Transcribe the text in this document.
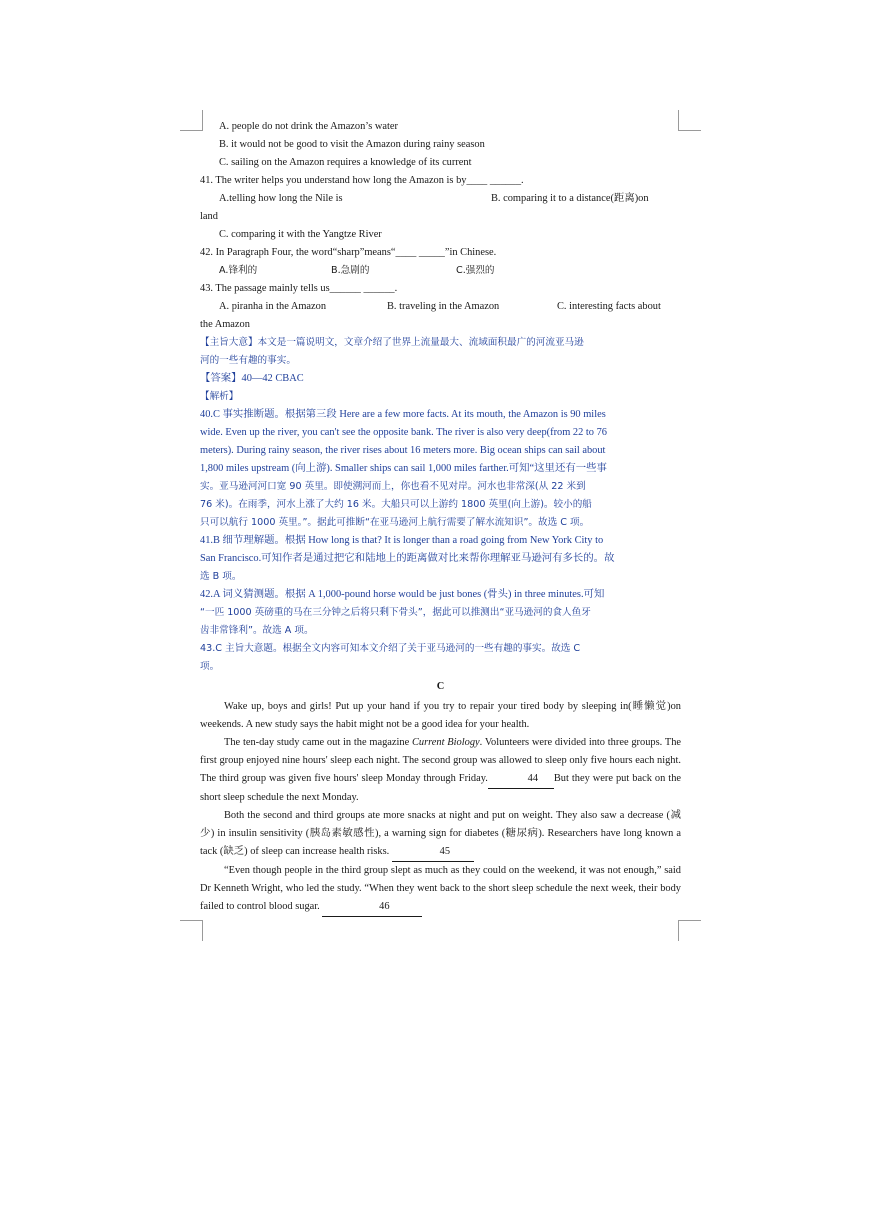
A. people do not drink the Amazon’s water
B. it would not be good to visit the Amazon during rainy season
C. sailing on the Amazon requires a knowledge of its current
41. The writer helps you understand how long the Amazon is by____ ______.
A.telling how long the Nile is	B. comparing it to a distance(距离)on
land
C. comparing it with the Yangtze River
42. In Paragraph Four, the word“sharp”means“____ _____”in Chinese.
A.锋利的	B.急剧的	C.强烈的
43. The passage mainly tells us______ ______.
A. piranha in the Amazon	B. traveling in the Amazon	C. interesting facts about
the Amazon
【主旨大意】本文是一篇说明文，文章介绍了世界上流量最大、流域面积最广的河流亚马逊
河的一些有趣的事实。
【答案】40—42 CBAC
【解析】
40.C 事实推断题。根据第三段 Here are a few more facts. At its mouth, the Amazon is 90 miles
wide. Even up the river, you can't see the opposite bank. The river is also very deep(from 22 to 76
meters). During rainy season, the river rises about 16 meters more. Big ocean ships can sail about
1,800 miles upstream (向上游). Smaller ships can sail 1,000 miles farther.可知“这里还有一些事
实。亚马逊河河口宽 90 英里。即使溯河而上，你也看不见对岸。河水也非常深(从 22 米到
76 米)。在雨季，河水上涨了大约 16 米。大船只可以上游约 1800 英里(向上游)。较小的船
只可以航行 1000 英里。”。据此可推断“在亚马逊河上航行需要了解水流知识”。故选 C 项。
41.B 细节理解题。根据 How long is that? It is longer than a road going from New York City to
San Francisco.可知作者是通过把它和陆地上的距离做对比来帮你理解亚马逊河有多长的。故
选 B 项。
42.A 词义猜测题。根据 A 1,000-pound horse would be just bones (骨头) in three minutes.可知
“一匹 1000 英磅重的马在三分钟之后将只剩下骨头”，据此可以推测出“亚马逊河的食人鱼牙
齿非常锋利”。故选 A 项。
43.C 主旨大意题。根据全文内容可知本文介绍了关于亚马逊河的一些有趣的事实。故选 C
项。
C
Wake up, boys and girls! Put up your hand if you try to repair your tired body by sleeping in(睡懒觉)on weekends. A new study says the habit might not be a good idea for your health.
The ten-day study came out in the magazine Current Biology. Volunteers were divided into three groups. The first group enjoyed nine hours' sleep each night. The second group was allowed to sleep only five hours each night. The third group was given five hours' sleep Monday through Friday.	44 But they were put back on the short sleep schedule the next Monday.
Both the second and third groups ate more snacks at night and put on weight. They also saw a decrease (减少) in insulin sensitivity (胰岛素敏感性), a warning sign for diabetes (糖尿病). Researchers have long known a tack (缺乏) of sleep can increase health risks.	45
“Even though people in the third group slept as much as they could on the weekend, it was not enough,” said Dr Kenneth Wright, who led the study. “When they went back to the short sleep schedule the next week, their body failed to control blood sugar.	46
